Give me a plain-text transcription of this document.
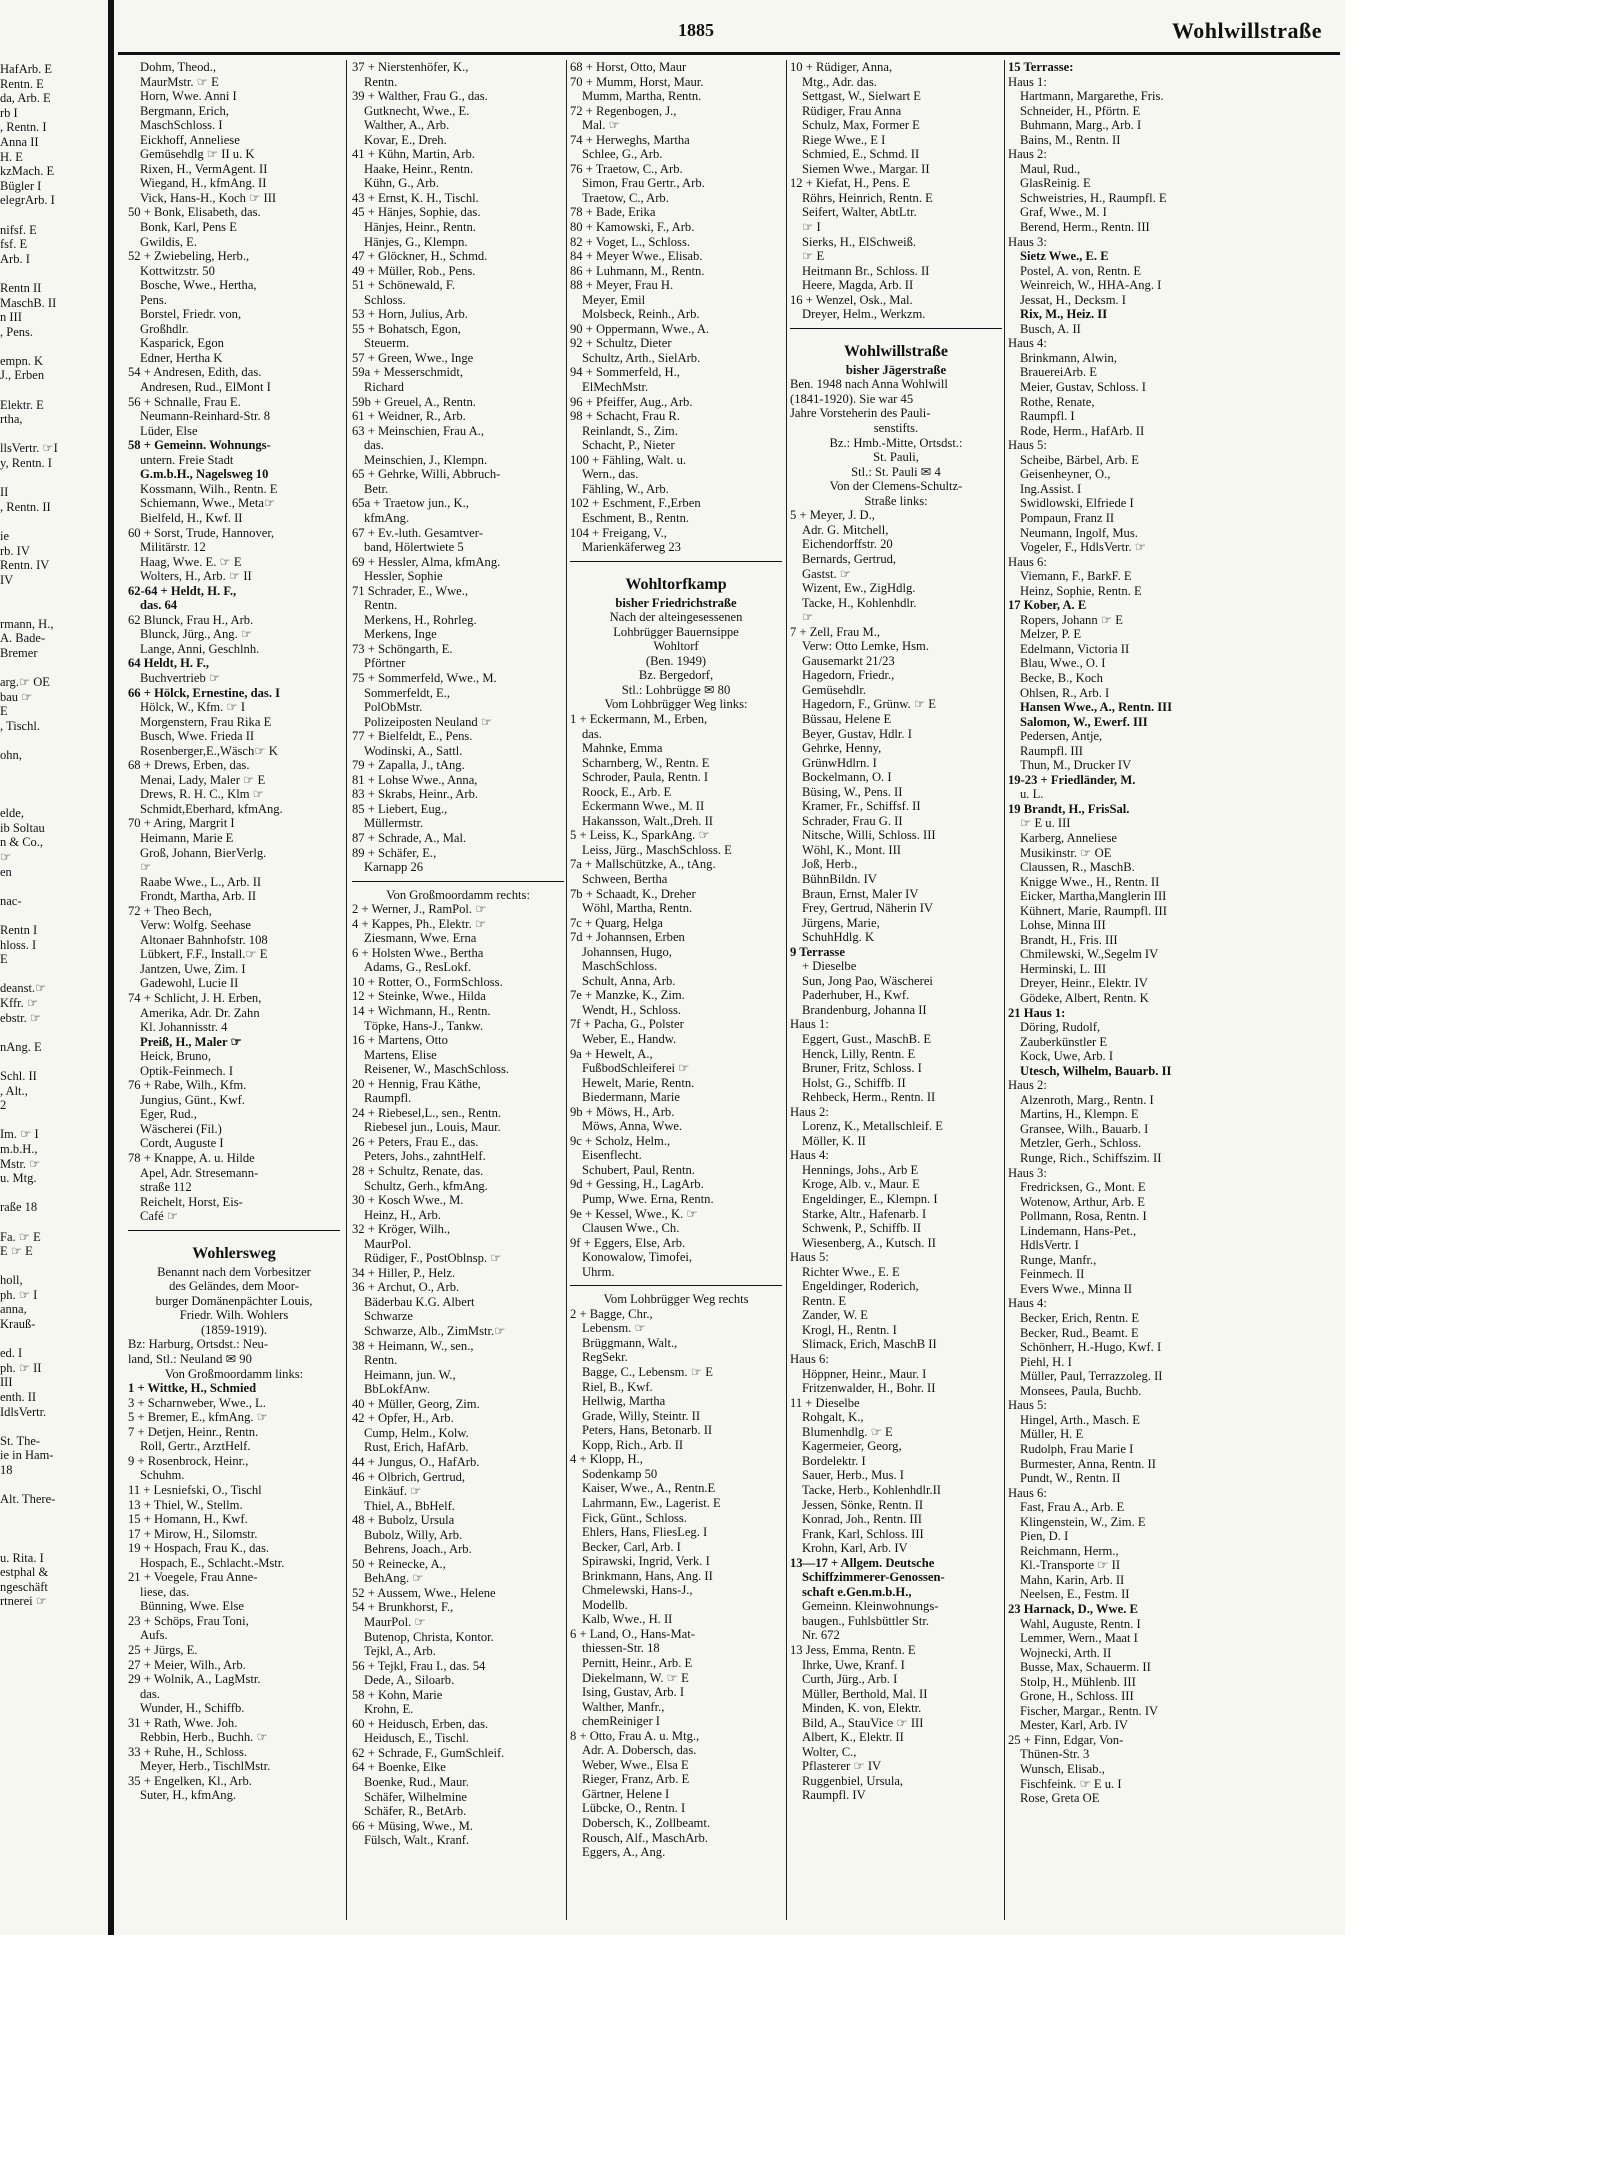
HafArb. E
Rentn. E
da, Arb. E
rb I
, Rentn. I
Anna II
H. E
kzMach. E
Bügler I
elegrArb. I

nifsf. E
fsf. E
Arb. I

Rentn II
MaschB. II
n III
, Pens.

empn. K
J., Erben

Elektr. E
rtha,

llsVertr. ☞I
y, Rentn. I

II
, Rentn. II

ie
rb. IV
Rentn. IV
IV

rmann, H.,
A. Bade-
Bremer

arg.☞ OE
bau ☞
E
, Tischl.

ohn,

elde,
ib Soltau
n & Co.,
☞
en

nac-

Rentn I
hloss. I
E

deanst.☞
Kffr. ☞
ebstr. ☞

nAng. E

Schl. II
, Alt.,
2

Im. ☞ I
m.b.H.,
Mstr. ☞
u. Mtg.

raße 18

Fa. ☞ E
E ☞ E

holl,
ph. ☞ I
anna,
Krauß-

ed. I
ph. ☞ II
III
enth. II
IdlsVertr.

St. The-
ie in Ham-
18

Alt. There-

u. Rita. I
estphal &
ngeschäft
rtnerei ☞
1885	Wohlwillstraße
Dohm, Theod.,
MaurMstr. ☞ E
Horn, Wwe. Anni I
Bergmann, Erich,
MaschSchloss. I
Eickhoff, Anneliese
Gemüsehdlg ☞ II u. K
Rixen, H., VermAgent. II
Wiegand, H., kfmAng. II
Vick, Hans-H., Koch ☞ III
50 + Bonk, Elisabeth, das.
Bonk, Karl, Pens E
Gwildis, E.
52 + Zwiebeling, Herb.,
Kottwitzstr. 50
Bosche, Wwe., Hertha,
Pens.
Borstel, Friedr. von,
Großhdlr.
Kasparick, Egon
Edner, Hertha K
54 + Andresen, Edith, das.
Andresen, Rud., ElMont I
56 + Schnalle, Frau E.
Neumann-Reinhard-Str. 8
Lüder, Else
58 + Gemeinn. Wohnungs-
untern. Freie Stadt
G.m.b.H., Nagelsweg 10
Kossmann, Wilh., Rentn. E
Schiemann, Wwe., Meta☞
Bielfeld, H., Kwf. II
60 + Sorst, Trude, Hannover,
Militärstr. 12
Haag, Wwe. E. ☞ E
Wolters, H., Arb. ☞ II
62-64 + Heldt, H. F.,
das. 64
62 Blunck, Frau H., Arb.
Blunck, Jürg., Ang. ☞
Lange, Anni, Geschlnh.
64 Heldt, H. F.,
Buchvertrieb ☞
66 + Hölck, Ernestine, das. I
Hölck, W., Kfm. ☞ I
Morgenstern, Frau Rika E
Busch, Wwe. Frieda II
Rosenberger,E.,Wäsch☞ K
68 + Drews, Erben, das.
Menai, Lady, Maler ☞ E
Drews, R. H. C., Klm ☞
Schmidt,Eberhard, kfmAng.
70 + Aring, Margrit I
Heimann, Marie E
Groß, Johann, BierVerlg.
☞
Raabe Wwe., L., Arb. II
Frondt, Martha, Arb. II
72 + Theo Bech,
Verw: Wolfg. Seehase
Altonaer Bahnhofstr. 108
Lübkert, F.F., Install.☞ E
Jantzen, Uwe, Zim. I
Gadewohl, Lucie II
74 + Schlicht, J. H. Erben,
Amerika, Adr. Dr. Zahn
Kl. Johannisstr. 4
Preiß, H., Maler ☞
Heick, Bruno,
Optik-Feinmech. I
76 + Rabe, Wilh., Kfm.
Jungius, Günt., Kwf.
Eger, Rud.,
Wäscherei (Fil.)
Cordt, Auguste I
78 + Knappe, A. u. Hilde
Apel, Adr. Stresemann-
straße 112
Reichelt, Horst, Eis-
Café ☞
Wohlersweg
Benannt nach dem Vorbesitzer
des Geländes, dem Moor-
burger Domänenpächter Louis,
Friedr. Wilh. Wohlers
(1859-1919).
Bz: Harburg, Ortsdst.: Neu-
land, Stl.: Neuland ✉ 90
Von Großmoordamm links:
1 + Wittke, H., Schmied
3 + Scharnweber, Wwe., L.
5 + Bremer, E., kfmAng. ☞
7 + Detjen, Heinr., Rentn.
Roll, Gertr., ArztHelf.
9 + Rosenbrock, Heinr.,
Schuhm.
11 + Lesniefski, O., Tischl
13 + Thiel, W., Stellm.
15 + Homann, H., Kwf.
17 + Mirow, H., Silomstr.
19 + Hospach, Frau K., das.
Hospach, E., Schlacht.-Mstr.
21 + Voegele, Frau Anne-
liese, das.
Bünning, Wwe. Else
23 + Schöps, Frau Toni,
Aufs.
25 + Jürgs, E.
27 + Meier, Wilh., Arb.
29 + Wolnik, A., LagMstr.
das.
Wunder, H., Schiffb.
31 + Rath, Wwe. Joh.
Rebbin, Herb., Buchh. ☞
33 + Ruhe, H., Schloss.
Meyer, Herb., TischlMstr.
35 + Engelken, Kl., Arb.
Suter, H., kfmAng.
37 + Nierstenhöfer, K.,
Rentn.
39 + Walther, Frau G., das.
Gutknecht, Wwe., E.
Walther, A., Arb.
Kovar, E., Dreh.
41 + Kühn, Martin, Arb.
Haake, Heinr., Rentn.
Kühn, G., Arb.
43 + Ernst, K. H., Tischl.
45 + Hänjes, Sophie, das.
Hänjes, Heinr., Rentn.
Hänjes, G., Klempn.
47 + Glöckner, H., Schmd.
49 + Müller, Rob., Pens.
51 + Schönewald, F.
Schloss.
53 + Horn, Julius, Arb.
55 + Bohatsch, Egon,
Steuerm.
57 + Green, Wwe., Inge
59a + Messerschmidt,
Richard
59b + Greuel, A., Rentn.
61 + Weidner, R., Arb.
63 + Meinschien, Frau A.,
das.
Meinschien, J., Klempn.
65 + Gehrke, Willi, Abbruch-
Betr.
65a + Traetow jun., K.,
kfmAng.
67 + Ev.-luth. Gesamtver-
band, Hölertwiete 5
69 + Hessler, Alma, kfmAng.
Hessler, Sophie
71 Schrader, E., Wwe.,
Rentn.
Merkens, H., Rohrleg.
Merkens, Inge
73 + Schöngarth, E.
Pförtner
75 + Sommerfeld, Wwe., M.
Sommerfeldt, E.,
PolObMstr.
Polizeiposten Neuland ☞
77 + Bielfeldt, E., Pens.
Wodinski, A., Sattl.
79 + Zapalla, J., tAng.
81 + Lohse Wwe., Anna,
83 + Skrabs, Heinr., Arb.
85 + Liebert, Eug.,
Müllermstr.
87 + Schrade, A., Mal.
89 + Schäfer, E.,
Karnapp 26
Von Großmoordamm rechts:
2 + Werner, J., RamPol. ☞
4 + Kappes, Ph., Elektr. ☞
Ziesmann, Wwe. Erna
6 + Holsten Wwe., Bertha
Adams, G., ResLokf.
10 + Rotter, O., FormSchloss.
12 + Steinke, Wwe., Hilda
14 + Wichmann, H., Rentn.
Töpke, Hans-J., Tankw.
16 + Martens, Otto
Martens, Elise
Reisener, W., MaschSchloss.
20 + Hennig, Frau Käthe,
Raumpfl.
24 + Riebesel,L., sen., Rentn.
Riebesel jun., Louis, Maur.
26 + Peters, Frau E., das.
Peters, Johs., zahntHelf.
28 + Schultz, Renate, das.
Schultz, Gerh., kfmAng.
30 + Kosch Wwe., M.
Heinz, H., Arb.
32 + Kröger, Wilh.,
MaurPol.
Rüdiger, F., PostOblnsp. ☞
34 + Hiller, P., Helz.
36 + Archut, O., Arb.
Bäderbau K.G. Albert
Schwarze
Schwarze, Alb., ZimMstr.☞
38 + Heimann, W., sen.,
Rentn.
Heimann, jun. W.,
BbLokfAnw.
40 + Müller, Georg, Zim.
42 + Opfer, H., Arb.
Cump, Helm., Kolw.
Rust, Erich, HafArb.
44 + Jungus, O., HafArb.
46 + Olbrich, Gertrud,
Einkäuf. ☞
Thiel, A., BbHelf.
48 + Bubolz, Ursula
Bubolz, Willy, Arb.
Behrens, Joach., Arb.
50 + Reinecke, A.,
BehAng. ☞
52 + Aussem, Wwe., Helene
54 + Brunkhorst, F.,
MaurPol. ☞
Butenop, Christa, Kontor.
Tejkl, A., Arb.
56 + Tejkl, Frau I., das. 54
Dede, A., Siloarb.
58 + Kohn, Marie
Krohn, E.
60 + Heidusch, Erben, das.
Heidusch, E., Tischl.
62 + Schrade, F., GumSchleif.
64 + Boenke, Elke
Boenke, Rud., Maur.
Schäfer, Wilhelmine
Schäfer, R., BetArb.
66 + Müsing, Wwe., M.
Fülsch, Walt., Kranf.
68 + Horst, Otto, Maur
70 + Mumm, Horst, Maur.
Mumm, Martha, Rentn.
72 + Regenbogen, J.,
Mal. ☞
74 + Herweghs, Martha
Schlee, G., Arb.
76 + Traetow, C., Arb.
Simon, Frau Gertr., Arb.
Traetow, C., Arb.
78 + Bade, Erika
80 + Kamowski, F., Arb.
82 + Voget, L., Schloss.
84 + Meyer Wwe., Elisab.
86 + Luhmann, M., Rentn.
88 + Meyer, Frau H.
Meyer, Emil
Molsbeck, Reinh., Arb.
90 + Oppermann, Wwe., A.
92 + Schultz, Dieter
Schultz, Arth., SielArb.
94 + Sommerfeld, H.,
ElMechMstr.
96 + Pfeiffer, Aug., Arb.
98 + Schacht, Frau R.
Reinlandt, S., Zim.
Schacht, P., Nieter
100 + Fähling, Walt. u.
Wern., das.
Fähling, W., Arb.
102 + Eschment, F.,Erben
Eschment, B., Rentn.
104 + Freigang, V.,
Marienkäferweg 23
Wohltorfkamp
bisher Friedrichstraße
Nach der alteingesessenen
Lohbrügger Bauernsippe
Wohltorf
(Ben. 1949)
Bz. Bergedorf,
Stl.: Lohbrügge ✉ 80
Vom Lohbrügger Weg links:
1 + Eckermann, M., Erben,
das.
Mahnke, Emma
Scharnberg, W., Rentn. E
Schroder, Paula, Rentn. I
Roock, E., Arb. E
Eckermann Wwe., M. II
Hakansson, Walt.,Dreh. II
5 + Leiss, K., SparkAng. ☞
Leiss, Jürg., MaschSchloss. E
7a + Mallschützke, A., tAng.
Schween, Bertha
7b + Schaadt, K., Dreher
Wöhl, Martha, Rentn.
7c + Quarg, Helga
7d + Johannsen, Erben
Johannsen, Hugo,
MaschSchloss.
Schult, Anna, Arb.
7e + Manzke, K., Zim.
Wendt, H., Schloss.
7f + Pacha, G., Polster
Weber, E., Handw.
9a + Hewelt, A.,
FußbodSchleiferei ☞
Hewelt, Marie, Rentn.
Biedermann, Marie
9b + Möws, H., Arb.
Möws, Anna, Wwe.
9c + Scholz, Helm.,
Eisenflecht.
Schubert, Paul, Rentn.
9d + Gessing, H., LagArb.
Pump, Wwe. Erna, Rentn.
9e + Kessel, Wwe., K. ☞
Clausen Wwe., Ch.
9f + Eggers, Else, Arb.
Konowalow, Timofei,
Uhrm.
Vom Lohbrügger Weg rechts
2 + Bagge, Chr.,
Lebensm. ☞
Brüggmann, Walt.,
RegSekr.
Bagge, C., Lebensm. ☞ E
Riel, B., Kwf.
Hellwig, Martha
Grade, Willy, Steintr. II
Peters, Hans, Betonarb. II
Kopp, Rich., Arb. II
4 + Klopp, H.,
Sodenkamp 50
Kaiser, Wwe., A., Rentn.E
Lahrmann, Ew., Lagerist. E
Fick, Günt., Schloss.
Ehlers, Hans, FliesLeg. I
Becker, Carl, Arb. I
Spirawski, Ingrid, Verk. I
Brinkmann, Hans, Ang. II
Chmelewski, Hans-J.,
Modellb.
Kalb, Wwe., H. II
6 + Land, O., Hans-Mat-
thiessen-Str. 18
Pernitt, Heinr., Arb. E
Diekelmann, W. ☞ E
Ising, Gustav, Arb. I
Walther, Manfr.,
chemReiniger I
8 + Otto, Frau A. u. Mtg.,
Adr. A. Dobersch, das.
Weber, Wwe., Elsa E
Rieger, Franz, Arb. E
Gärtner, Helene I
Lübcke, O., Rentn. I
Dobersch, K., Zollbeamt.
Rousch, Alf., MaschArb.
Eggers, A., Ang.
10 + Rüdiger, Anna,
Mtg., Adr. das.
Settgast, W., Sielwart E
Rüdiger, Frau Anna
Schulz, Max, Former E
Riege Wwe., E I
Schmied, E., Schmd. II
Siemen Wwe., Margar. II
12 + Kiefat, H., Pens. E
Röhrs, Heinrich, Rentn. E
Seifert, Walter, AbtLtr.
☞ I
Sierks, H., ElSchweiß.
☞ E
Heitmann Br., Schloss. II
Heere, Magda, Arb. II
16 + Wenzel, Osk., Mal.
Dreyer, Helm., Werkzm.
Wohlwillstraße
bisher Jägerstraße
Ben. 1948 nach Anna Wohlwill
(1841-1920). Sie war 45
Jahre Vorsteherin des Pauli-
senstifts.
Bz.: Hmb.-Mitte, Ortsdst.:
St. Pauli,
Stl.: St. Pauli ✉ 4
Von der Clemens-Schultz-
Straße links:
5 + Meyer, J. D.,
Adr. G. Mitchell,
Eichendorffstr. 20
Bernards, Gertrud,
Gastst. ☞
Wizent, Ew., ZigHdlg.
Tacke, H., Kohlenhdlr.
☞
7 + Zell, Frau M.,
Verw: Otto Lemke, Hsm.
Gausemarkt 21/23
Hagedorn, Friedr.,
Gemüsehdlr.
Hagedorn, F., Grünw. ☞ E
Büssau, Helene E
Beyer, Gustav, Hdlr. I
Gehrke, Henny,
GrünwHdlrn. I
Bockelmann, O. I
Büsing, W., Pens. II
Kramer, Fr., Schiffsf. II
Schrader, Frau G. II
Nitsche, Willi, Schloss. III
Wöhl, K., Mont. III
Joß, Herb.,
BühnBildn. IV
Braun, Ernst, Maler IV
Frey, Gertrud, Näherin IV
Jürgens, Marie,
SchuhHdlg. K
9 Terrasse
+ Dieselbe
Sun, Jong Pao, Wäscherei
Paderhuber, H., Kwf.
Brandenburg, Johanna II
Haus 1:
Eggert, Gust., MaschB. E
Henck, Lilly, Rentn. E
Bruner, Fritz, Schloss. I
Holst, G., Schiffb. II
Rehbeck, Herm., Rentn. II
Haus 2:
Lorenz, K., Metallschleif. E
Möller, K. II
Haus 4:
Hennings, Johs., Arb E
Kroge, Alb. v., Maur. E
Engeldinger, E., Klempn. I
Starke, Altr., Hafenarb. I
Schwenk, P., Schiffb. II
Wiesenberg, A., Kutsch. II
Haus 5:
Richter Wwe., E. E
Engeldinger, Roderich,
Rentn. E
Zander, W. E
Krogl, H., Rentn. I
Slimack, Erich, MaschB II
Haus 6:
Höppner, Heinr., Maur. I
Fritzenwalder, H., Bohr. II
11 + Dieselbe
Rohgalt, K.,
Blumenhdlg. ☞ E
Kagermeier, Georg,
Bordelektr. I
Sauer, Herb., Mus. I
Tacke, Herb., Kohlenhdlr.II
Jessen, Sönke, Rentn. II
Konrad, Joh., Rentn. III
Frank, Karl, Schloss. III
Krohn, Karl, Arb. IV
13—17 + Allgem. Deutsche
Schiffzimmerer-Genossen-
schaft e.Gen.m.b.H.,
Gemeinn. Kleinwohnungs-
baugen., Fuhlsbüttler Str.
Nr. 672
13 Jess, Emma, Rentn. E
Ihrke, Uwe, Kranf. I
Curth, Jürg., Arb. I
Müller, Berthold, Mal. II
Minden, K. von, Elektr.
Bild, A., StauVice ☞ III
Albert, K., Elektr. II
Wolter, C.,
Pflasterer ☞ IV
Ruggenbiel, Ursula,
Raumpfl. IV
15 Terrasse:
Haus 1:
Hartmann, Margarethe, Fris.
Schneider, H., Pförtn. E
Buhmann, Marg., Arb. I
Bains, M., Rentn. II
Haus 2:
Maul, Rud.,
GlasReinig. E
Schweistries, H., Raumpfl. E
Graf, Wwe., M. I
Berend, Herm., Rentn. III
Haus 3:
Sietz Wwe., E. E
Postel, A. von, Rentn. E
Weinreich, W., HHA-Ang. I
Jessat, H., Decksm. I
Rix, M., Heiz. II
Busch, A. II
Haus 4:
Brinkmann, Alwin,
BrauereiArb. E
Meier, Gustav, Schloss. I
Rothe, Renate,
Raumpfl. I
Rode, Herm., HafArb. II
Haus 5:
Scheibe, Bärbel, Arb. E
Geisenheyner, O.,
Ing.Assist. I
Swidlowski, Elfriede I
Pompaun, Franz II
Neumann, Ingolf, Mus.
Vogeler, F., HdlsVertr. ☞
Haus 6:
Viemann, F., BarkF. E
Heinz, Sophie, Rentn. E
17 Kober, A. E
Ropers, Johann ☞ E
Melzer, P. E
Edelmann, Victoria II
Blau, Wwe., O. I
Becke, B., Koch
Ohlsen, R., Arb. I
Hansen Wwe., A., Rentn. III
Salomon, W., Ewerf. III
Pedersen, Antje,
Raumpfl. III
Thun, M., Drucker IV
19-23 + Friedländer, M.
u. L.
19 Brandt, H., FrisSal.
☞ E u. III
Karberg, Anneliese
Musikinstr. ☞ OE
Claussen, R., MaschB.
Knigge Wwe., H., Rentn. II
Eicker, Martha,Manglerin III
Kühnert, Marie, Raumpfl. III
Lohse, Minna III
Brandt, H., Fris. III
Chmilewski, W.,Segelm IV
Herminski, L. III
Dreyer, Heinr., Elektr. IV
Gödeke, Albert, Rentn. K
21 Haus 1:
Döring, Rudolf,
Zauberkünstler E
Kock, Uwe, Arb. I
Utesch, Wilhelm, Bauarb. II
Haus 2:
Alzenroth, Marg., Rentn. I
Martins, H., Klempn. E
Gransee, Wilh., Bauarb. I
Metzler, Gerh., Schloss.
Runge, Rich., Schiffszim. II
Haus 3:
Fredricksen, G., Mont. E
Wotenow, Arthur, Arb. E
Pollmann, Rosa, Rentn. I
Lindemann, Hans-Pet.,
HdlsVertr. I
Runge, Manfr.,
Feinmech. II
Evers Wwe., Minna II
Haus 4:
Becker, Erich, Rentn. E
Becker, Rud., Beamt. E
Schönherr, H.-Hugo, Kwf. I
Piehl, H. I
Müller, Paul, Terrazzoleg. II
Monsees, Paula, Buchb.
Haus 5:
Hingel, Arth., Masch. E
Müller, H. E
Rudolph, Frau Marie I
Burmester, Anna, Rentn. II
Pundt, W., Rentn. II
Haus 6:
Fast, Frau A., Arb. E
Klingenstein, W., Zim. E
Pien, D. I
Reichmann, Herm.,
Kl.-Transporte ☞ II
Mahn, Karin, Arb. II
Neelsen, E., Festm. II
23 Harnack, D., Wwe. E
Wahl, Auguste, Rentn. I
Lemmer, Wern., Maat I
Wojnecki, Arth. II
Busse, Max, Schauerm. II
Stolp, H., Mühlenb. III
Grone, H., Schloss. III
Fischer, Margar., Rentn. IV
Mester, Karl, Arb. IV
25 + Finn, Edgar, Von-
Thünen-Str. 3
Wunsch, Elisab.,
Fischfeink. ☞ E u. I
Rose, Greta OE
